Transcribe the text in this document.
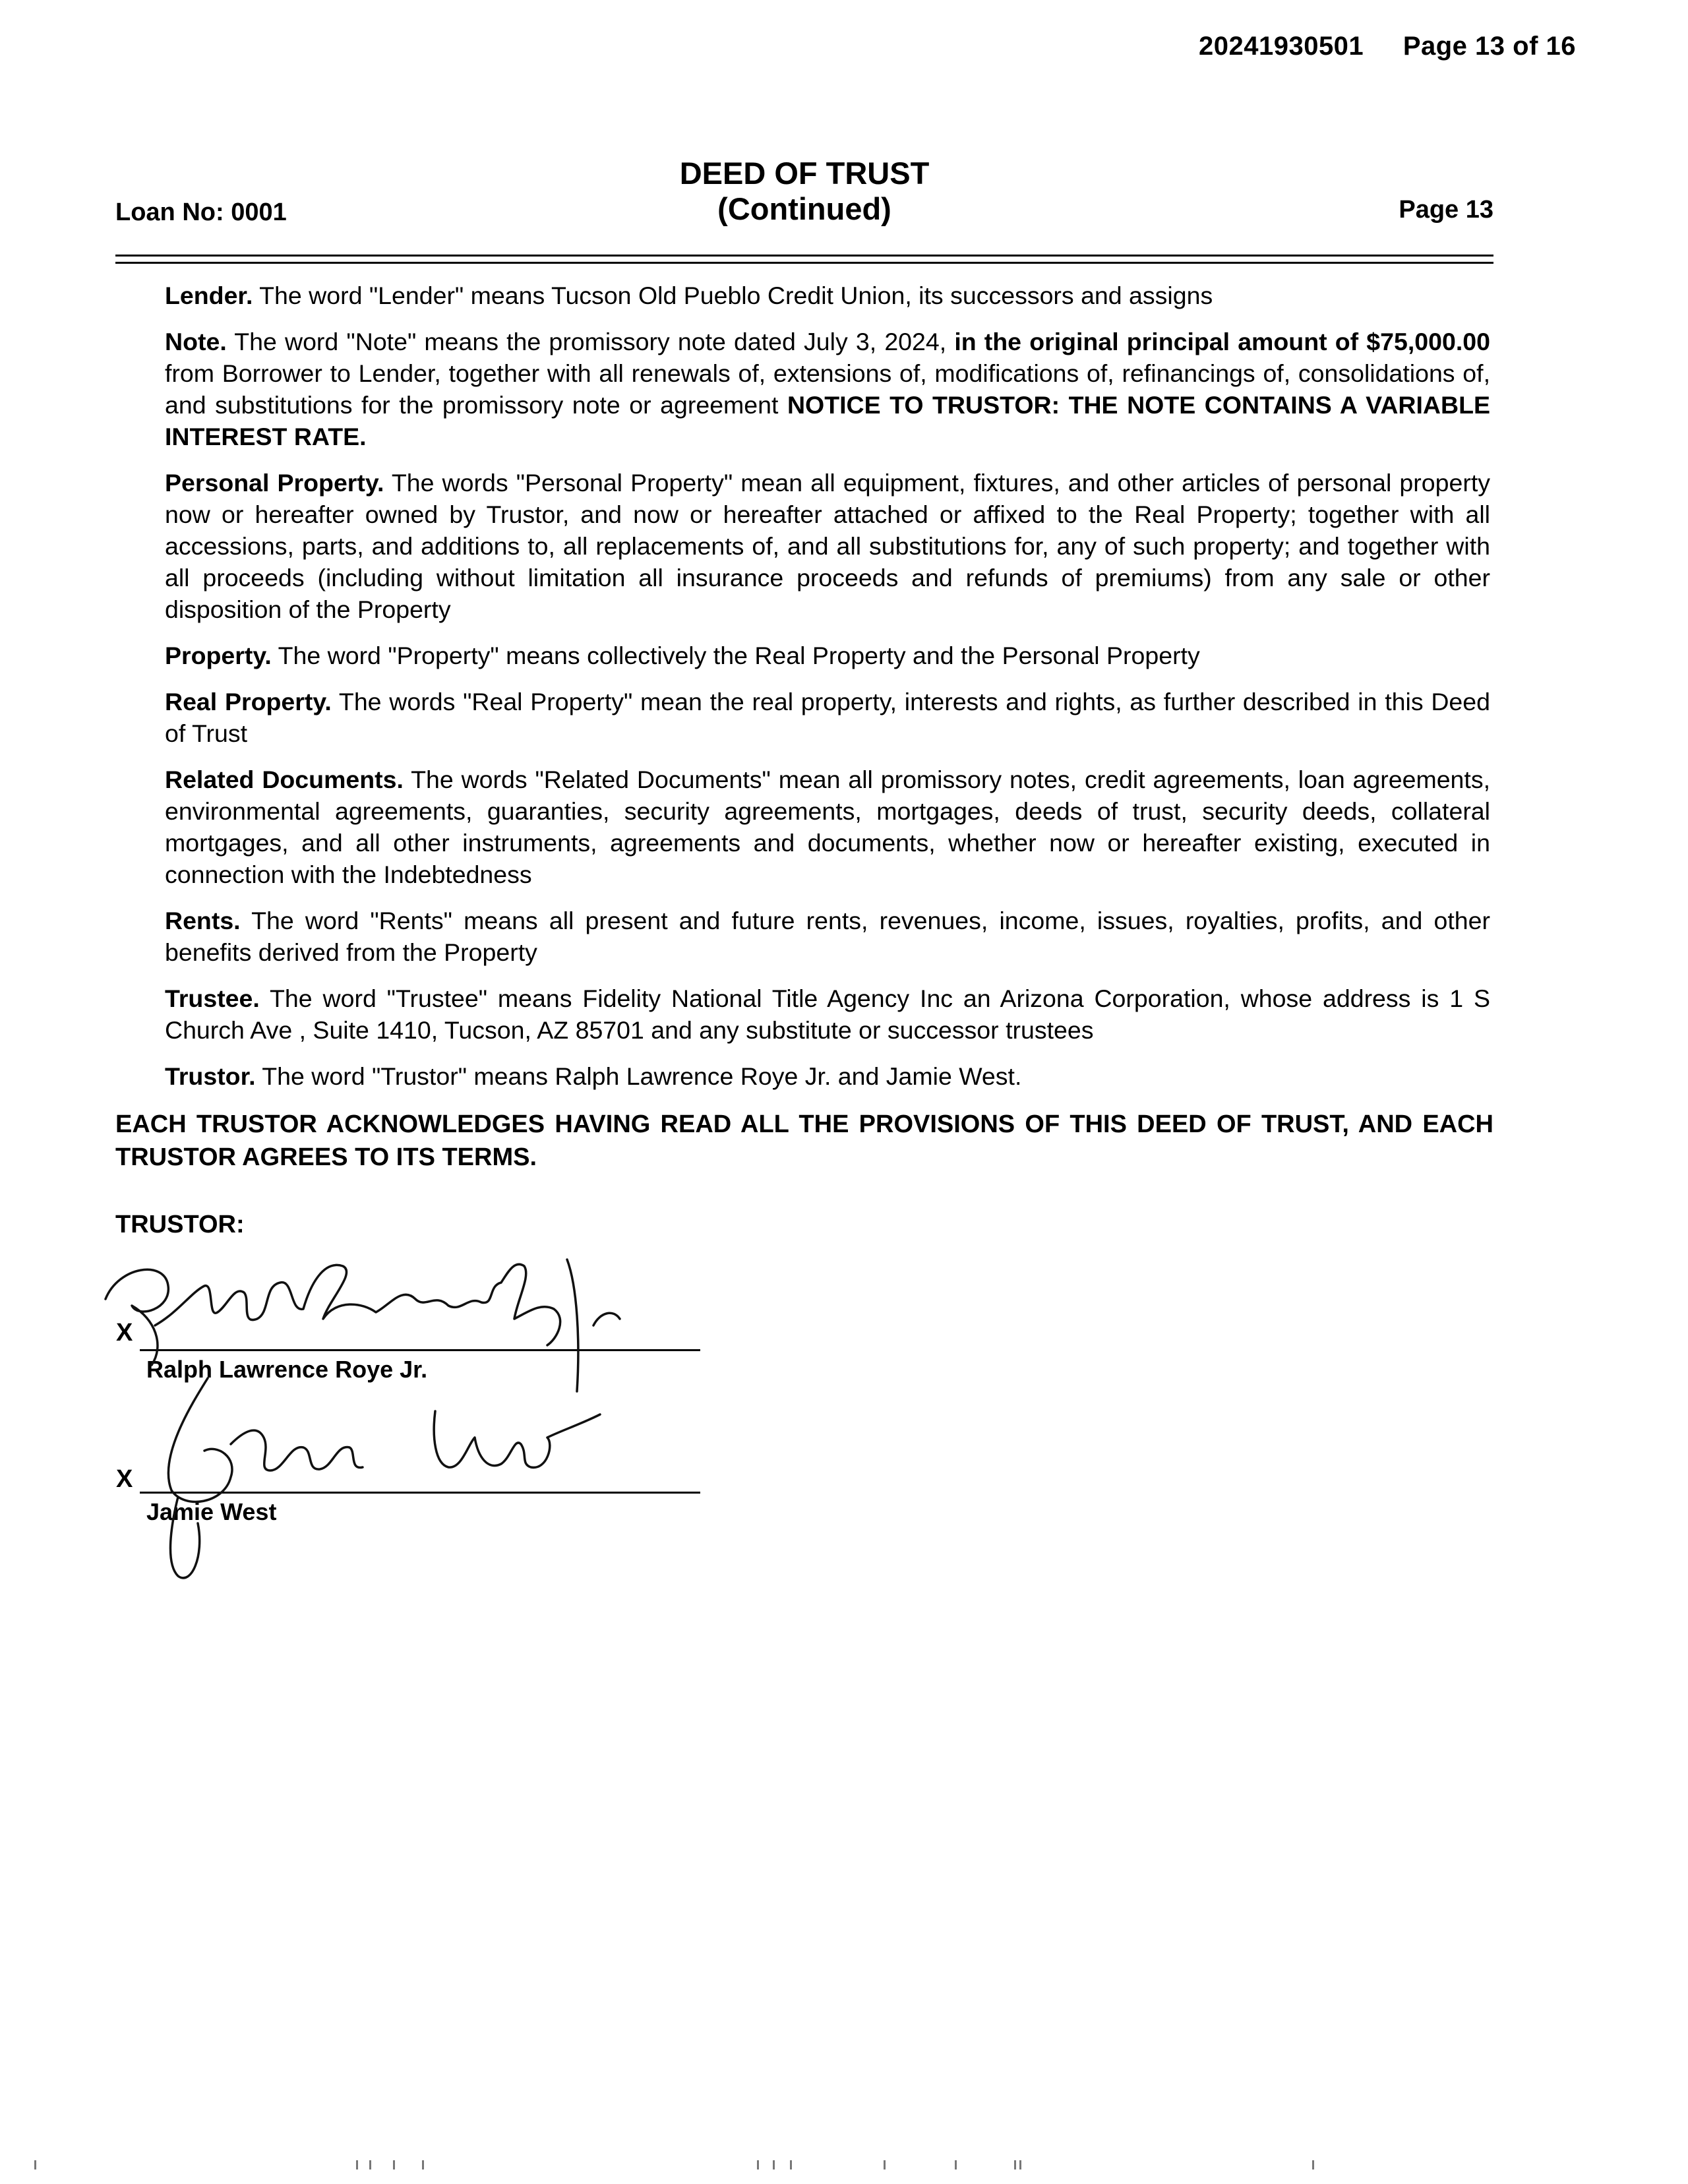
20241930501 Page 13 of 16
Loan No: 0001
DEED OF TRUST
(Continued)	Page 13

Lender. The word "Lender" means Tucson Old Pueblo Credit Union, its successors and assigns

Note. The word "Note" means the promissory note dated July 3, 2024, in the original principal amount of $75,000.00 from Borrower to Lender, together with all renewals of, extensions of, modifications of, refinancings of, consolidations of, and substitutions for the promissory note or agreement NOTICE TO TRUSTOR: THE NOTE CONTAINS A VARIABLE INTEREST RATE.

Personal Property. The words "Personal Property" mean all equipment, fixtures, and other articles of personal property now or hereafter owned by Trustor, and now or hereafter attached or affixed to the Real Property; together with all accessions, parts, and additions to, all replacements of, and all substitutions for, any of such property; and together with all proceeds (including without limitation all insurance proceeds and refunds of premiums) from any sale or other disposition of the Property

Property. The word "Property" means collectively the Real Property and the Personal Property

Real Property. The words "Real Property" mean the real property, interests and rights, as further described in this Deed of Trust

Related Documents. The words "Related Documents" mean all promissory notes, credit agreements, loan agreements, environmental agreements, guaranties, security agreements, mortgages, deeds of trust, security deeds, collateral mortgages, and all other instruments, agreements and documents, whether now or hereafter existing, executed in connection with the Indebtedness

Rents. The word "Rents" means all present and future rents, revenues, income, issues, royalties, profits, and other benefits derived from the Property

Trustee. The word "Trustee" means Fidelity National Title Agency Inc an Arizona Corporation, whose address is 1 S Church Ave , Suite 1410, Tucson, AZ 85701 and any substitute or successor trustees

Trustor. The word "Trustor" means Ralph Lawrence Roye Jr. and Jamie West.

EACH TRUSTOR ACKNOWLEDGES HAVING READ ALL THE PROVISIONS OF THIS DEED OF TRUST, AND EACH TRUSTOR AGREES TO ITS TERMS.
TRUSTOR:
X
Ralph Lawrence Roye Jr.
X
Jamie West
